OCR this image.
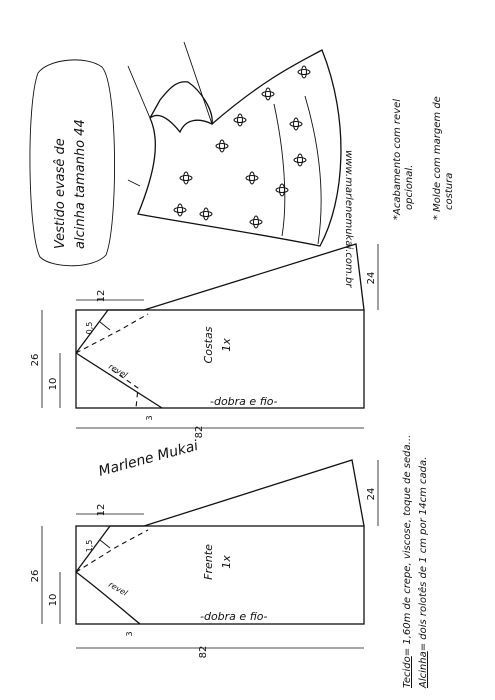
Vestido evasê de alcinha tamanho 44	www.marlenemukai.com.br	*Acabamento com revel opcional. * Molde com margem de costura
revel
Costas 1x
-dobra e fio-
26
10
12
0,5
24
82
3
Marlene Mukai
revel
Frente 1x
-dobra e fio-
26
10
12
1,5
24
82
3
Tecido= 1,60m de crepe, viscose, toque de seda...
Alcinha= dois rolotês de 1 cm por 14cm cada.
